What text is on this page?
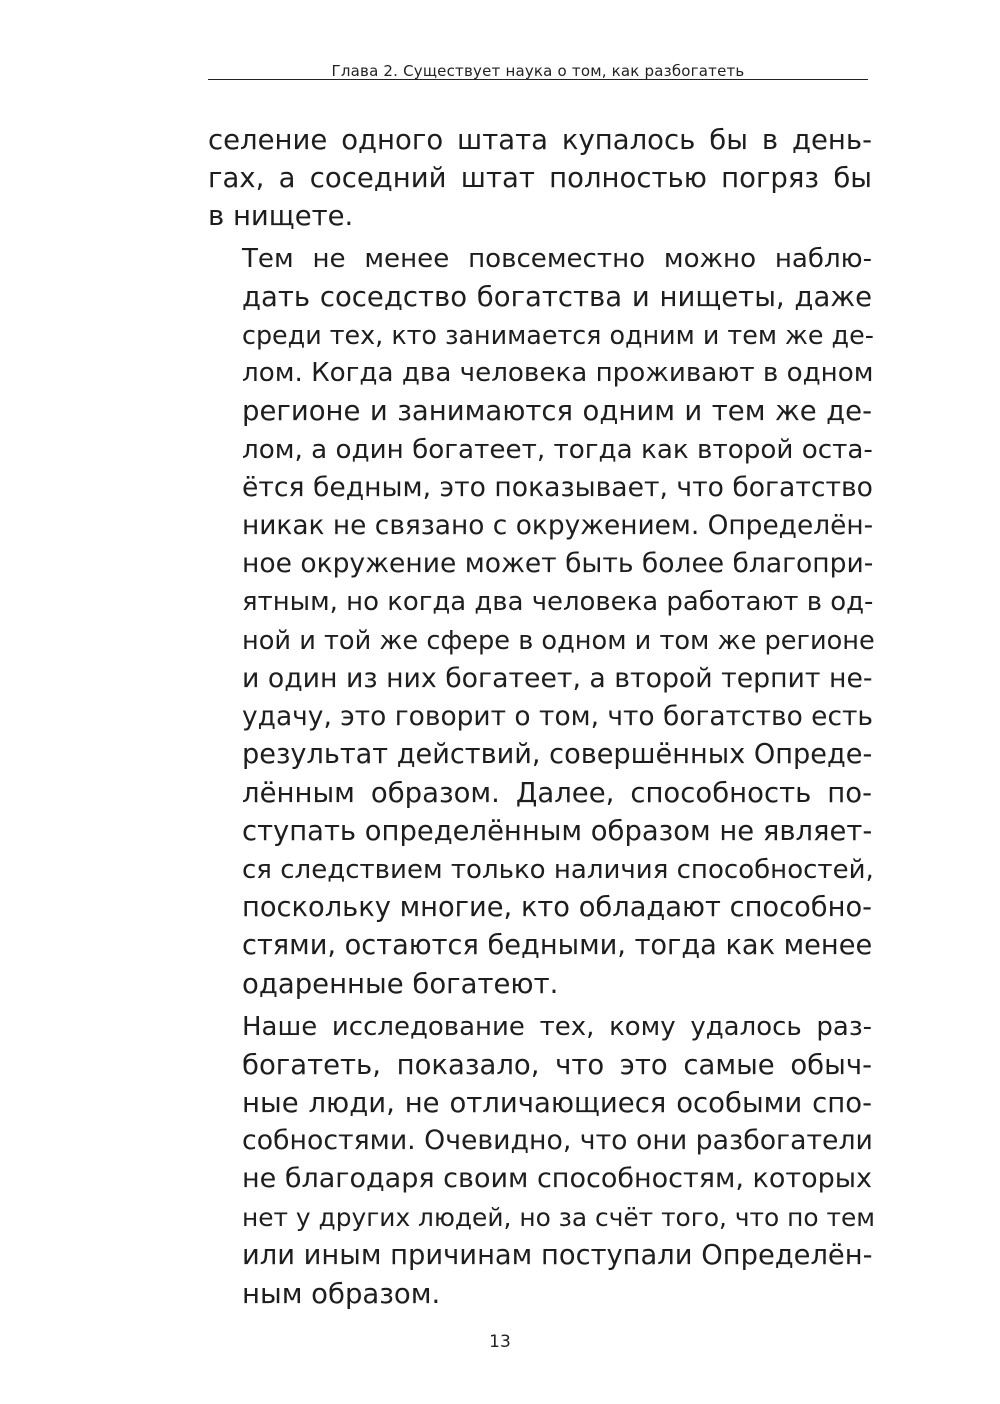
Глава 2. Существует наука о том, как разбогатеть

селение одного штата купалось бы в день-
гах, а соседний штат полностью погряз бы
в нищете.

Тем не менее повсеместно можно наблю-
дать соседство богатства и нищеты, даже
среди тех, кто занимается одним и тем же де-
лом. Когда два человека проживают в одном
регионе и занимаются одним и тем же де-
лом, а один богатеет, тогда как второй оста-
ётся бедным, это показывает, что богатство
никак не связано с окружением. Определён-
ное окружение может быть более благопри-
ятным, но когда два человека работают в од-
ной и той же сфере в одном и том же регионе
и один из них богатеет, а второй терпит не-
удачу, это говорит о том, что богатство есть
результат действий, совершённых Опреде-
лённым образом. Далее, способность по-
ступать определённым образом не являет-
ся следствием только наличия способностей,
поскольку многие, кто обладают способно-
стями, остаются бедными, тогда как менее
одаренные богатеют.

Наше исследование тех, кому удалось раз-
богатеть, показало, что это самые обыч-
ные люди, не отличающиеся особыми спо-
собностями. Очевидно, что они разбогатели
не благодаря своим способностям, которых
нет у других людей, но за счёт того, что по тем
или иным причинам поступали Определён-
ным образом.

13
